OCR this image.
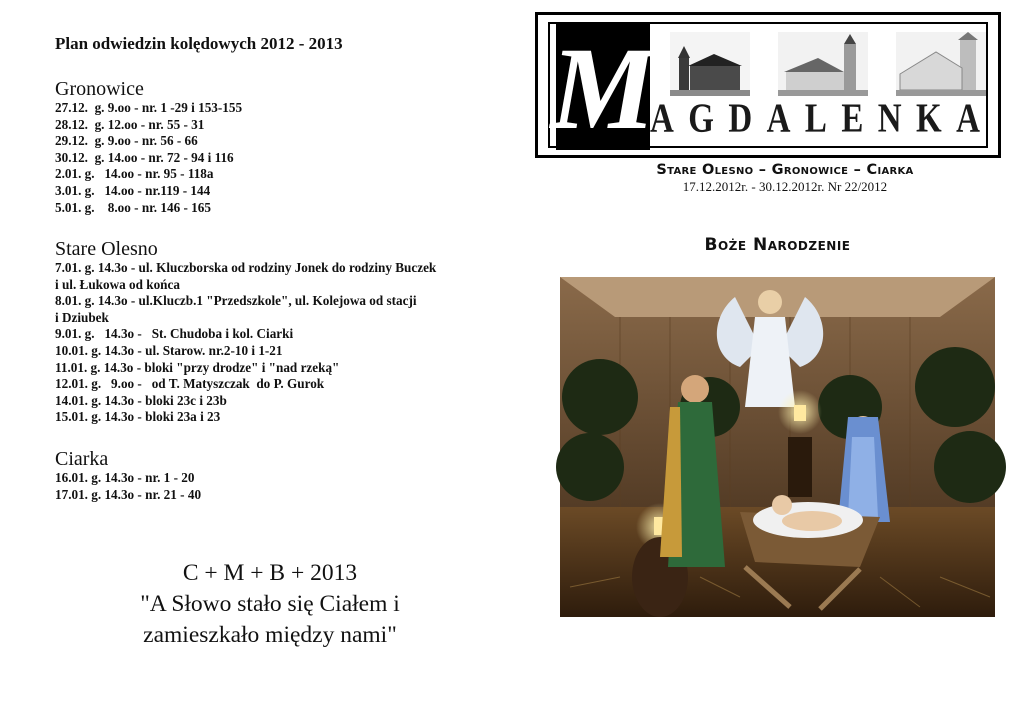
Plan odwiedzin kolędowych 2012 - 2013
Gronowice
27.12.  g. 9.oo - nr. 1 -29 i 153-155
28.12.  g. 12.oo - nr. 55 - 31
29.12.  g. 9.oo - nr. 56 - 66
30.12.  g. 14.oo - nr. 72 - 94 i 116
2.01. g.   14.oo - nr. 95 - 118a
3.01. g.   14.oo - nr.119 - 144
5.01. g.    8.oo - nr. 146 - 165
Stare Olesno
7.01. g. 14.3o - ul. Kluczborska od rodziny Jonek do rodziny Buczek
i ul. Łukowa od końca
8.01. g. 14.3o - ul.Kluczb.1 "Przedszkole", ul. Kolejowa od stacji
i Dziubek
9.01. g.   14.3o -   St. Chudoba i kol. Ciarki
10.01. g. 14.3o - ul. Starow. nr.2-10 i 1-21
11.01. g. 14.3o - bloki "przy drodze" i "nad rzeką"
12.01. g.   9.oo -   od T. Matyszczak  do P. Gurok
14.01. g. 14.3o - bloki 23c i 23b
15.01. g. 14.3o - bloki 23a i 23
Ciarka
16.01. g. 14.3o - nr. 1 - 20
17.01. g. 14.3o - nr. 21 - 40
C + M + B + 2013
"A Słowo stało się Ciałem i
zamieszkało między nami"
M
A G D A L E N K A
Stare Olesno – Gronowice – Ciarka
17.12.2012r. - 30.12.2012r. Nr 22/2012
Boże Narodzenie
